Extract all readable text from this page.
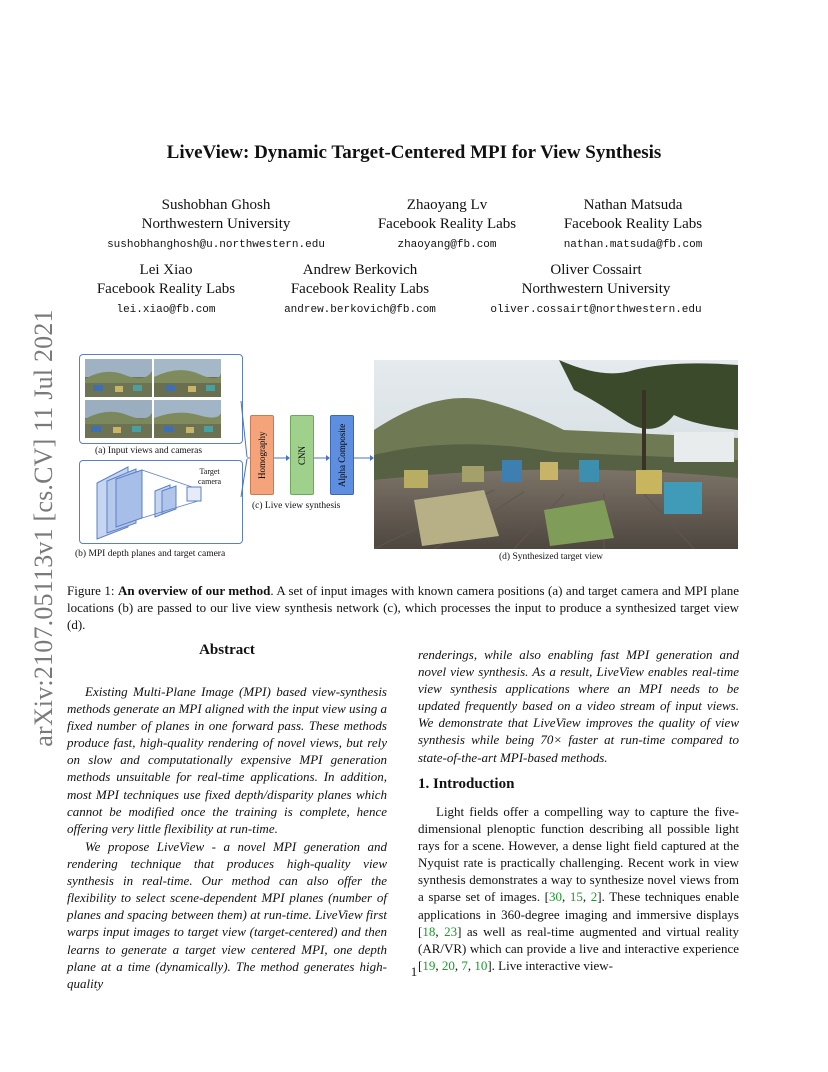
arXiv:2107.05113v1 [cs.CV] 11 Jul 2021
LiveView: Dynamic Target-Centered MPI for View Synthesis
Sushobhan Ghosh
Northwestern University
sushobhanghosh@u.northwestern.edu
Zhaoyang Lv
Facebook Reality Labs
zhaoyang@fb.com
Nathan Matsuda
Facebook Reality Labs
nathan.matsuda@fb.com
Lei Xiao
Facebook Reality Labs
lei.xiao@fb.com
Andrew Berkovich
Facebook Reality Labs
andrew.berkovich@fb.com
Oliver Cossairt
Northwestern University
oliver.cossairt@northwestern.edu
(a) Input views and cameras
Target
camera
(b) MPI depth planes and target camera
Homography	CNN	Alpha Composite
(c) Live view synthesis
(d) Synthesized target view
Figure 1: An overview of our method. A set of input images with known camera positions (a) and target camera and MPI plane locations (b) are passed to our live view synthesis network (c), which processes the input to produce a synthesized target view (d).
Abstract
Existing Multi-Plane Image (MPI) based view-synthesis methods generate an MPI aligned with the input view using a fixed number of planes in one forward pass. These methods produce fast, high-quality rendering of novel views, but rely on slow and computationally expensive MPI generation methods unsuitable for real-time applications. In addition, most MPI techniques use fixed depth/disparity planes which cannot be modified once the training is complete, hence offering very little flexibility at run-time.
We propose LiveView - a novel MPI generation and rendering technique that produces high-quality view synthesis in real-time. Our method can also offer the flexibility to select scene-dependent MPI planes (number of planes and spacing between them) at run-time. LiveView first warps input images to target view (target-centered) and then learns to generate a target view centered MPI, one depth plane at a time (dynamically). The method generates high-quality
renderings, while also enabling fast MPI generation and novel view synthesis. As a result, LiveView enables real-time view synthesis applications where an MPI needs to be updated frequently based on a video stream of input views. We demonstrate that LiveView improves the quality of view synthesis while being 70× faster at run-time compared to state-of-the-art MPI-based methods.
1. Introduction
Light fields offer a compelling way to capture the five-dimensional plenoptic function describing all possible light rays for a scene. However, a dense light field captured at the Nyquist rate is practically challenging. Recent work in view synthesis demonstrates a way to synthesize novel views from a sparse set of images. [30, 15, 2]. These techniques enable applications in 360-degree imaging and immersive displays [18, 23] as well as real-time augmented and virtual reality (AR/VR) which can provide a live and interactive experience [19, 20, 7, 10]. Live interactive view-
1
